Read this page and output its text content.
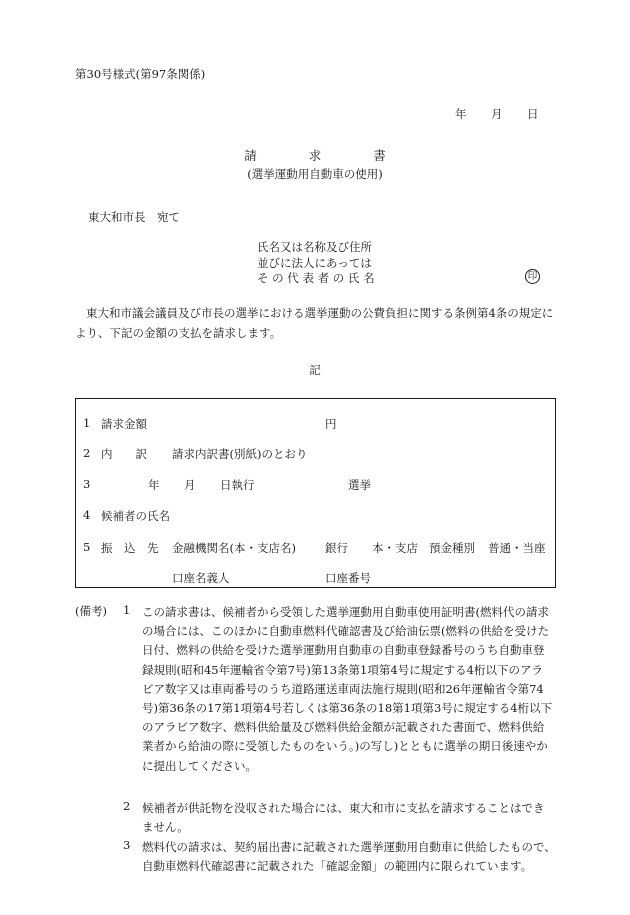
第30号様式(第97条関係)
年 月 日
請	求	書
(選挙運動用自動車の使用)
東大和市長　宛て
氏名又は名称及び住所
並びに法人にあっては
そ の 代 表 者 の 氏 名	印
東大和市議会議員及び市長の選挙における選挙運動の公費負担に関する条例第4条の規定により、下記の金額の支払を請求します。
記
1 請求金額	円
2 内　　訳 請求内訳書(別紙)のとおり
3	年 月 日執行	選挙
4 候補者の氏名
5 振　込　先 金融機関名(本・支店名)	銀行 本・支店 預金種別 普通・当座
口座名義人	口座番号
(備考) 1 この請求書は、候補者から受領した選挙運動用自動車使用証明書(燃料代の請求の場合には、このほかに自動車燃料代確認書及び給油伝票(燃料の供給を受けた日付、燃料の供給を受けた選挙運動用自動車の自動車登録番号のうち自動車登録規則(昭和45年運輸省令第7号)第13条第1項第4号に規定する4桁以下のアラビア数字又は車両番号のうち道路運送車両法施行規則(昭和26年運輸省令第74号)第36条の17第1項第4号若しくは第36条の18第1項第3号に規定する4桁以下のアラビア数字、燃料供給量及び燃料供給金額が記載された書面で、燃料供給業者から給油の際に受領したものをいう。)の写し)とともに選挙の期日後速やかに提出してください。
2 候補者が供託物を没収された場合には、東大和市に支払を請求することはできません。
3 燃料代の請求は、契約届出書に記載された選挙運動用自動車に供給したもので、自動車燃料代確認書に記載された「確認金額」の範囲内に限られています。
